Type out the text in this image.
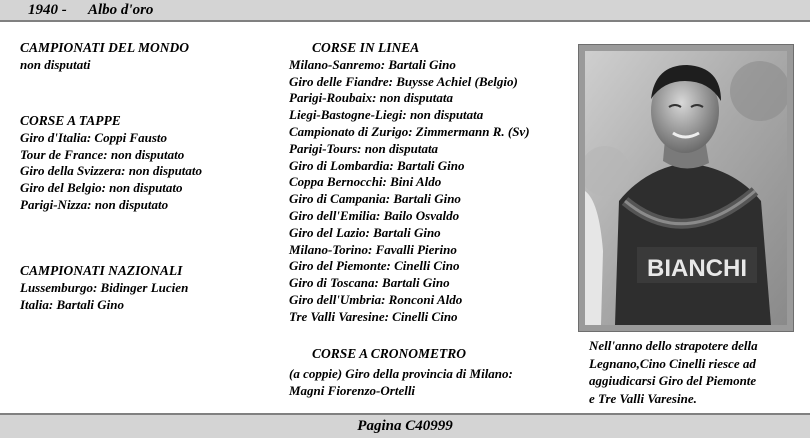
1940 - Albo d'oro
CAMPIONATI DEL MONDO
non disputati
CORSE A TAPPE
Giro d'Italia: Coppi Fausto
Tour de France: non disputato
Giro della Svizzera: non disputato
Giro del Belgio: non disputato
Parigi-Nizza: non disputato
CAMPIONATI NAZIONALI
Lussemburgo: Bidinger Lucien
Italia: Bartali Gino
CORSE IN LINEA
Milano-Sanremo: Bartali Gino
Giro delle Fiandre: Buysse Achiel (Belgio)
Parigi-Roubaix: non disputata
Liegi-Bastogne-Liegi: non disputata
Campionato di Zurigo: Zimmermann R. (Sv)
Parigi-Tours: non disputata
Giro di Lombardia: Bartali Gino
Coppa Bernocchi: Bini Aldo
Giro di Campania: Bartali Gino
Giro dell'Emilia: Bailo Osvaldo
Giro del Lazio: Bartali Gino
Milano-Torino: Favalli Pierino
Giro del Piemonte: Cinelli Cino
Giro di Toscana: Bartali Gino
Giro dell'Umbria: Ronconi Aldo
Tre Valli Varesine: Cinelli Cino
CORSE A CRONOMETRO
(a coppie) Giro della provincia di Milano:
Magni Fiorenzo-Ortelli
BIANCHI
Nell'anno dello strapotere della
Legnano,Cino Cinelli riesce ad
aggiudicarsi Giro del Piemonte
e Tre Valli Varesine.
Pagina C40999
